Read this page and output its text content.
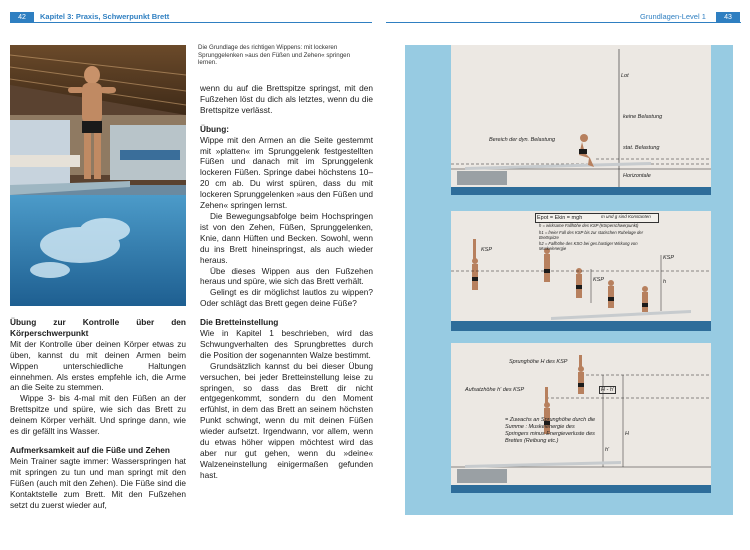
42	Kapitel 3: Praxis, Schwerpunkt Brett	Grundlagen-Level 1	43
Die Grundlage des richtigen Wippens: mit lockeren Sprunggelenken »aus den Füßen und Zehen« springen lernen.

Übung zur Kontrolle über den Körperschwerpunkt

Mit der Kontrolle über deinen Körper etwas zu üben, kannst du mit deinen Armen beim Wippen unterschiedliche Haltungen einnehmen. Als erstes empfehle ich, die Arme an die Seite zu stemmen.

Wippe 3- bis 4-mal mit den Füßen an der Brettspitze und spüre, wie sich das Brett zu deinem Körper verhält. Und springe dann, wie es dir gefällt ins Wasser.

Aufmerksamkeit auf die Füße und Zehen

Mein Trainer sagte immer: Wasserspringen hat mit springen zu tun und man springt mit den Füßen (auch mit den Zehen). Die Füße sind die Kontaktstelle zum Brett. Mit den Fußzehen setzt du zuerst wieder auf,

wenn du auf die Brettspitze springst, mit den Fußzehen löst du dich als letztes, wenn du die Brettspitze verlässt.

Übung:

Wippe mit den Armen an die Seite gestemmt mit »platten« im Sprunggelenk festgestellten Füßen und danach mit im Sprunggelenk lockeren Füßen. Springe dabei höchstens 10–20 cm ab. Du wirst spüren, dass du mit lockeren Sprunggelenken »aus den Füßen und Zehen« springen lernst.

Die Bewegungsabfolge beim Hochspringen ist von den Zehen, Füßen, Sprunggelenken, Knie, dann Hüften und Becken. Sowohl, wenn du ins Brett hineinspringst, als auch wieder heraus.

Übe dieses Wippen aus den Fußzehen heraus und spüre, wie sich das Brett verhält.

Gelingt es dir möglichst lautlos zu wippen? Oder schlägt das Brett gegen deine Füße?

Die Bretteinstellung

Wie in Kapitel 1 beschrieben, wird das Schwungverhalten des Sprungbrettes durch die Position der sogenannten Walze bestimmt.

Grundsätzlich kannst du bei dieser Übung versuchen, bei jeder Bretteinstellung leise zu springen, so dass das Brett dir nicht entgegenkommt, sondern du den Moment erfühlst, in dem das Brett an seinem höchsten Punkt schwingt, wenn du mit deinen Füßen wieder aufsetzt. Irgendwann, vor allem, wenn du etwas höher wippen möchtest wird das aber nur gut gehen, wenn du »deine« Walzeneinstellung einigermaßen gefunden hast.

Lot
keine Belastung
Bereich der dyn. Belastung
stat. Belastung
Horizontale
Epot = Ekin = mgh	m und g sind Konstanten
h = wirksame Fallhöhe des KSP (Körperschwerpunkt)
h1 = freier Fall des KSP bis zur statischen Ruhelage der Brettspitze
h2 = Fallhöhe des KSO bei ges.hastiger Wirkung von Muskelenergie
KSP
KSP
KSP	h
Sprunghöhe H des KSP
Aufsatzhöhe h' des KSP
= Zuwachs an Sprunghöhe durch die Summe : Muskelenergie des Springers minus Energieverluste des Brettes (Reibung etc.)
H - h'
H
h'
